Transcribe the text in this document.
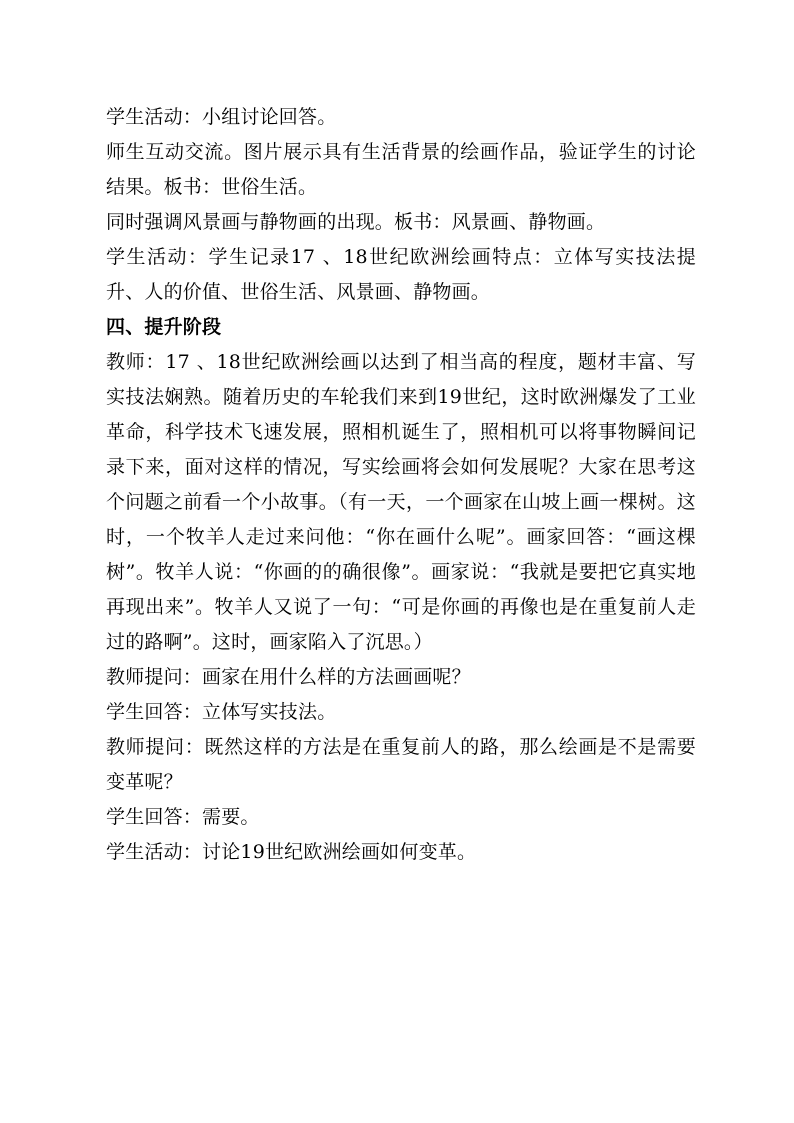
学生活动：小组讨论回答。

师生互动交流。图片展示具有生活背景的绘画作品，验证学生的讨论结果。板书：世俗生活。

同时强调风景画与静物画的出现。板书：风景画、静物画。

学生活动：学生记录17 、18世纪欧洲绘画特点：立体写实技法提升、人的价值、世俗生活、风景画、静物画。

四、提升阶段

教师：17 、18世纪欧洲绘画以达到了相当高的程度，题材丰富、写实技法娴熟。随着历史的车轮我们来到19世纪，这时欧洲爆发了工业革命，科学技术飞速发展，照相机诞生了，照相机可以将事物瞬间记录下来，面对这样的情况，写实绘画将会如何发展呢？大家在思考这个问题之前看一个小故事。（有一天，一个画家在山坡上画一棵树。这时，一个牧羊人走过来问他：“你在画什么呢”。画家回答：“画这棵树”。牧羊人说：“你画的的确很像”。画家说：“我就是要把它真实地再现出来”。牧羊人又说了一句：“可是你画的再像也是在重复前人走过的路啊”。这时，画家陷入了沉思。）

教师提问：画家在用什么样的方法画画呢？

学生回答：立体写实技法。

教师提问：既然这样的方法是在重复前人的路，那么绘画是不是需要变革呢？

学生回答：需要。

学生活动：讨论19世纪欧洲绘画如何变革。
